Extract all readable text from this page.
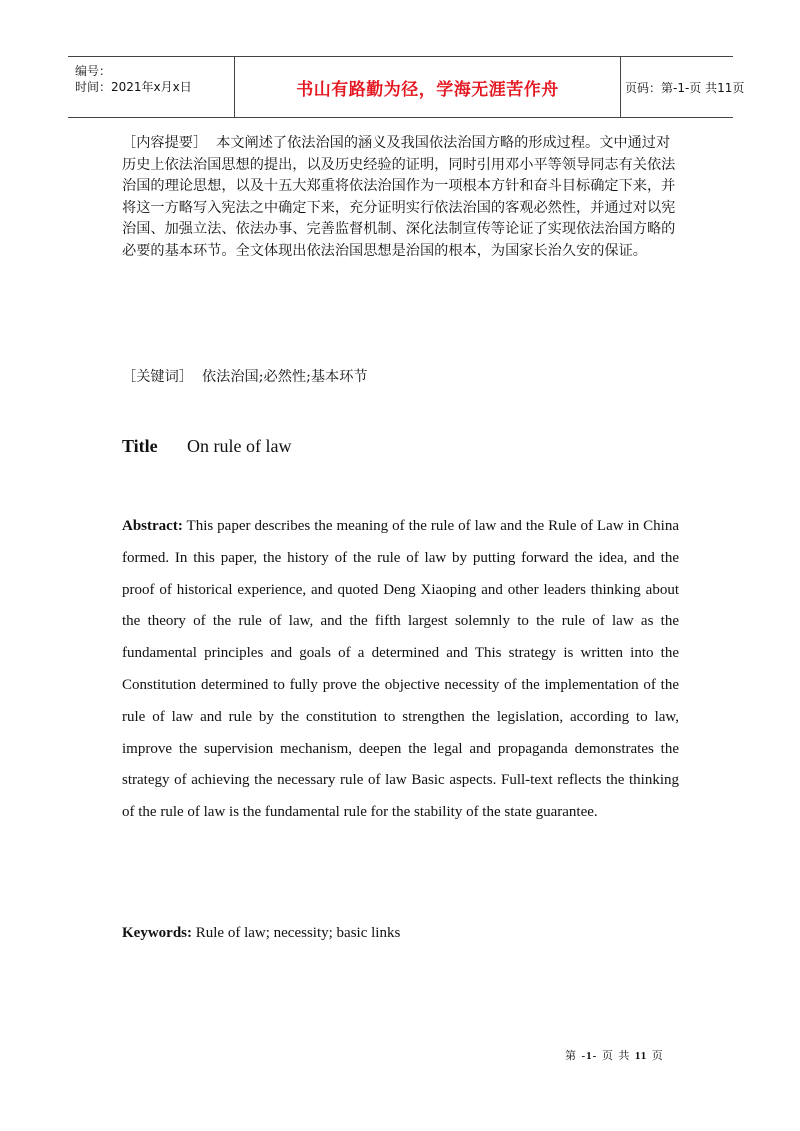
编号：
时间：2021年x月x日	书山有路勤为径，学海无涯苦作舟	页码：第-1-页 共11页
［内容提要］ 本文阐述了依法治国的涵义及我国依法治国方略的形成过程。文中通过对历史上依法治国思想的提出，以及历史经验的证明，同时引用邓小平等领导同志有关依法治国的理论思想，以及十五大郑重将依法治国作为一项根本方针和奋斗目标确定下来，并将这一方略写入宪法之中确定下来，充分证明实行依法治国的客观必然性，并通过对以宪治国、加强立法、依法办事、完善监督机制、深化法制宣传等论证了实现依法治国方略的必要的基本环节。全文体现出依法治国思想是治国的根本，为国家长治久安的保证。
［关键词］ 依法治国;必然性;基本环节
Title On rule of law
Abstract: This paper describes the meaning of the rule of law and the Rule of Law in China formed. In this paper, the history of the rule of law by putting forward the idea, and the proof of historical experience, and quoted Deng Xiaoping and other leaders thinking about the theory of the rule of law, and the fifth largest solemnly to the rule of law as the fundamental principles and goals of a determined and This strategy is written into the Constitution determined to fully prove the objective necessity of the implementation of the rule of law and rule by the constitution to strengthen the legislation, according to law, improve the supervision mechanism, deepen the legal and propaganda demonstrates the strategy of achieving the necessary rule of law Basic aspects. Full-text reflects the thinking of the rule of law is the fundamental rule for the stability of the state guarantee.
Keywords: Rule of law; necessity; basic links
第 -1- 页 共 11 页
